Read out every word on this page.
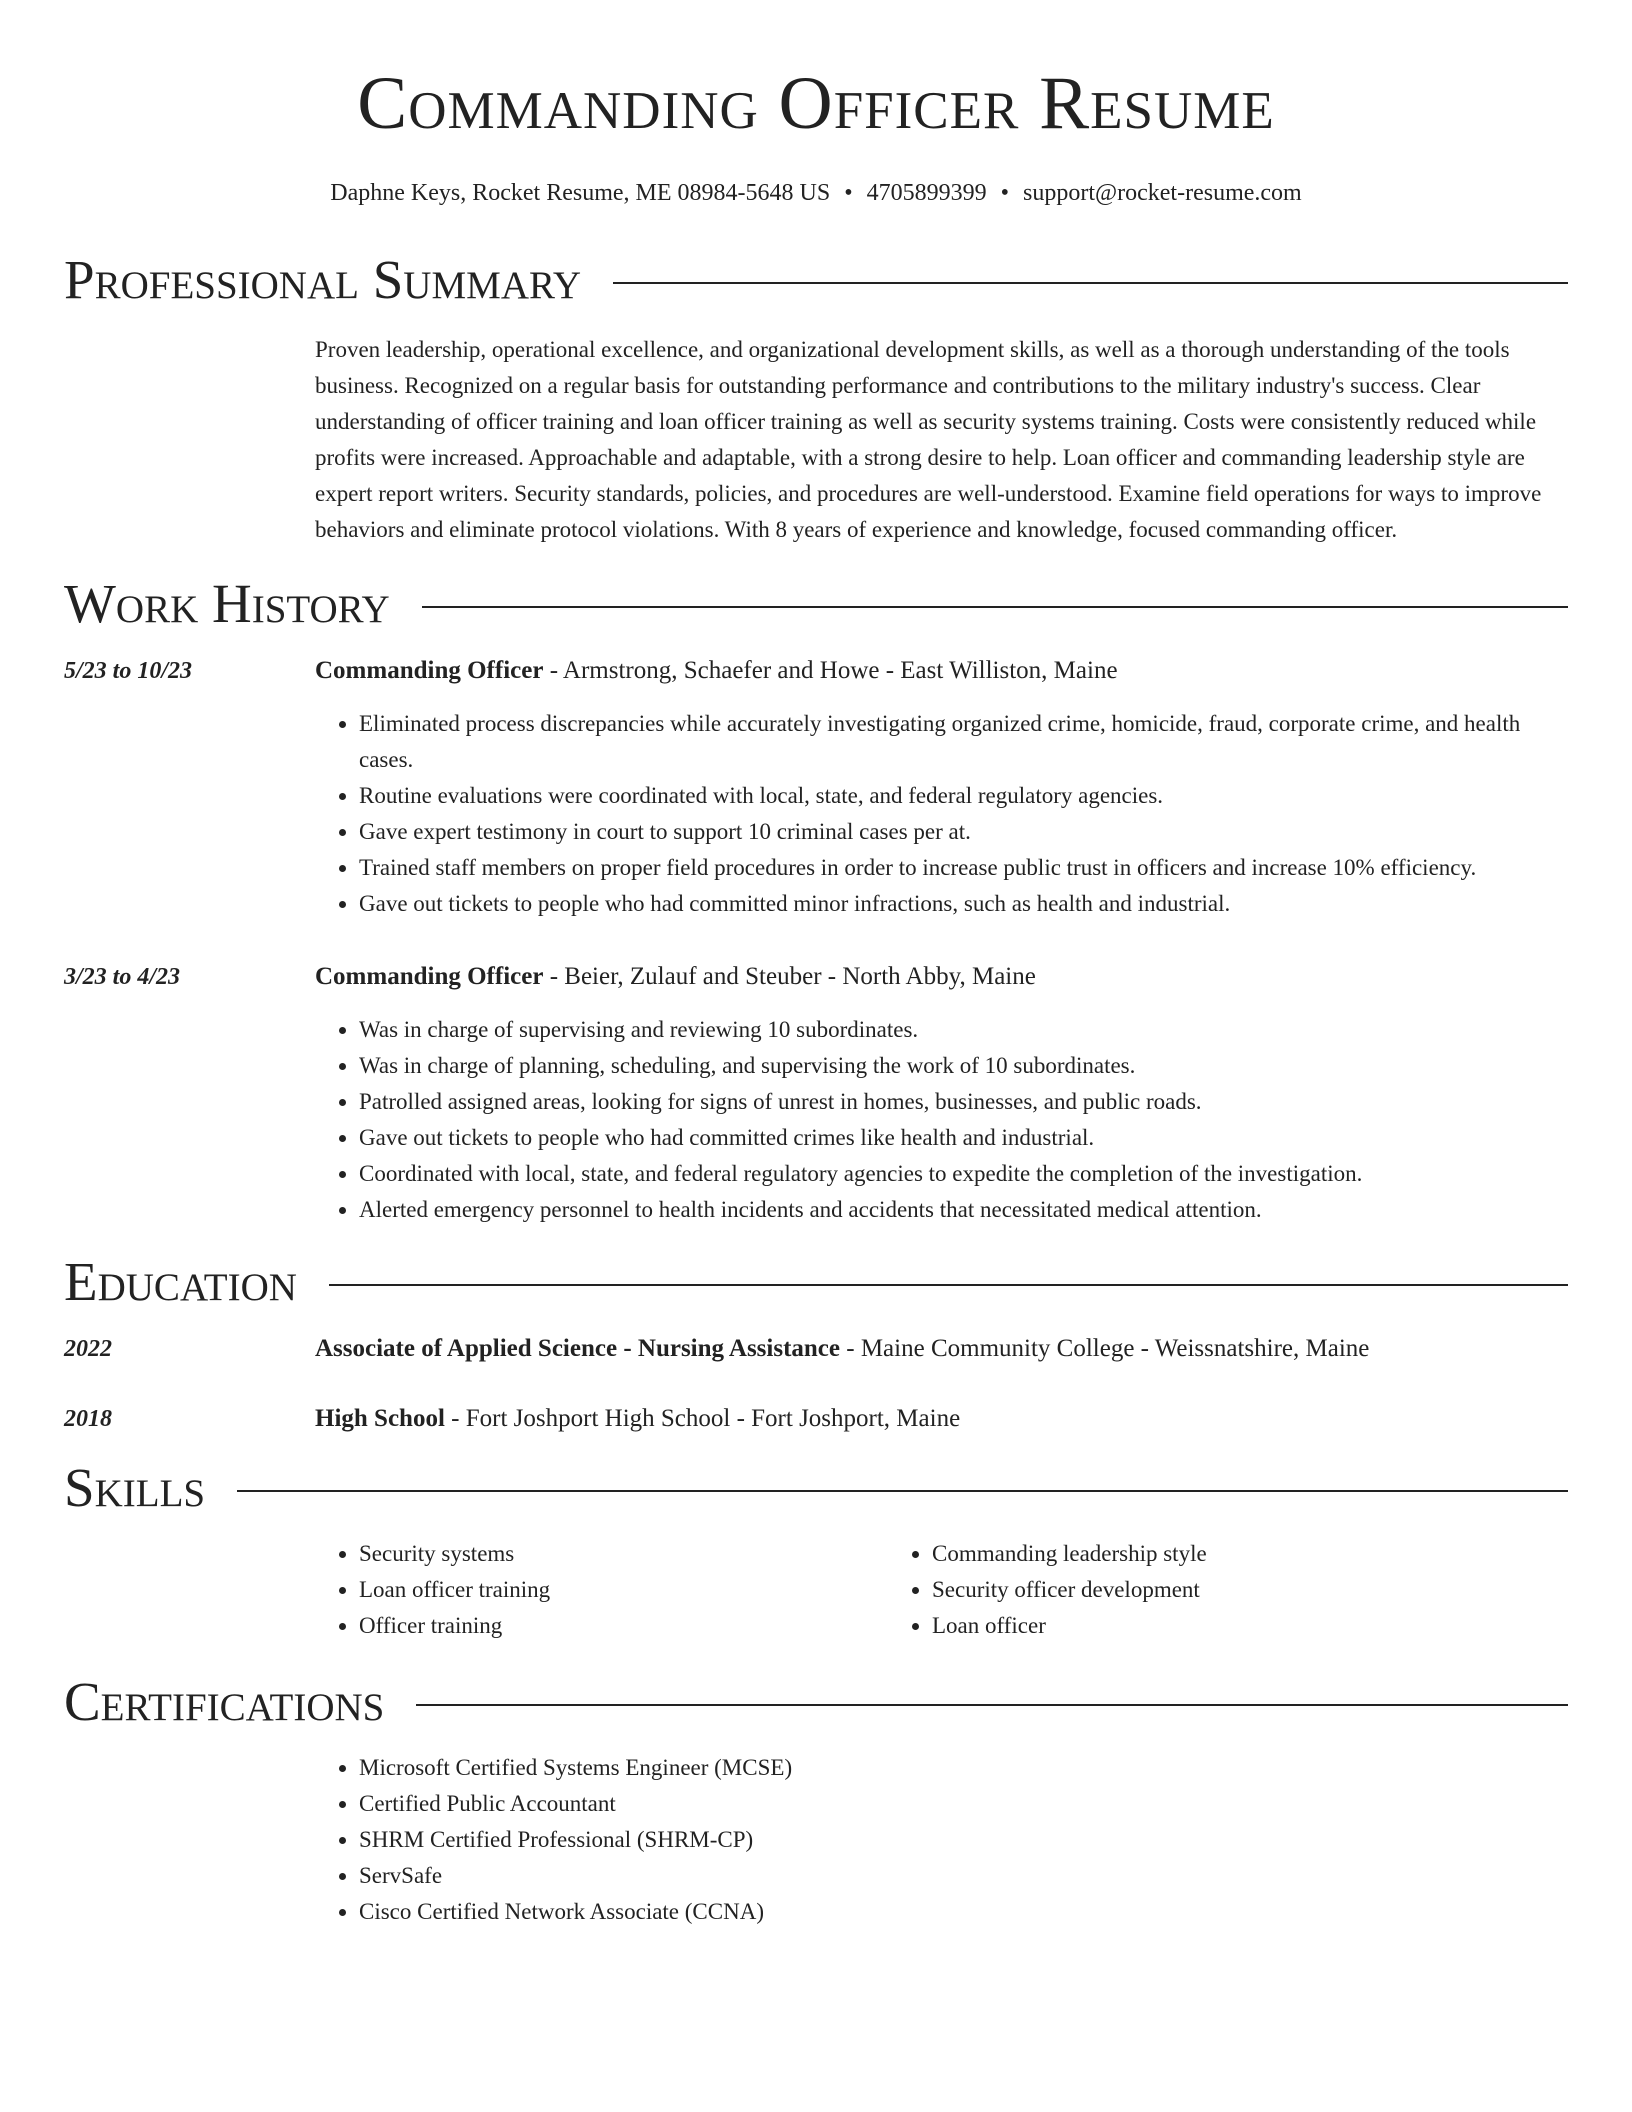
Commanding Officer Resume
Daphne Keys, Rocket Resume, ME 08984-5648 US • 4705899399 • support@rocket-resume.com
Professional Summary
Proven leadership, operational excellence, and organizational development skills, as well as a thorough understanding of the tools business. Recognized on a regular basis for outstanding performance and contributions to the military industry's success. Clear understanding of officer training and loan officer training as well as security systems training. Costs were consistently reduced while profits were increased. Approachable and adaptable, with a strong desire to help. Loan officer and commanding leadership style are expert report writers. Security standards, policies, and procedures are well-understood. Examine field operations for ways to improve behaviors and eliminate protocol violations. With 8 years of experience and knowledge, focused commanding officer.
Work History
5/23 to 10/23	Commanding Officer - Armstrong, Schaefer and Howe - East Williston, Maine
• Eliminated process discrepancies while accurately investigating organized crime, homicide, fraud, corporate crime, and health cases.
• Routine evaluations were coordinated with local, state, and federal regulatory agencies.
• Gave expert testimony in court to support 10 criminal cases per at.
• Trained staff members on proper field procedures in order to increase public trust in officers and increase 10% efficiency.
• Gave out tickets to people who had committed minor infractions, such as health and industrial.
3/23 to 4/23	Commanding Officer - Beier, Zulauf and Steuber - North Abby, Maine
• Was in charge of supervising and reviewing 10 subordinates.
• Was in charge of planning, scheduling, and supervising the work of 10 subordinates.
• Patrolled assigned areas, looking for signs of unrest in homes, businesses, and public roads.
• Gave out tickets to people who had committed crimes like health and industrial.
• Coordinated with local, state, and federal regulatory agencies to expedite the completion of the investigation.
• Alerted emergency personnel to health incidents and accidents that necessitated medical attention.
Education
2022	Associate of Applied Science - Nursing Assistance - Maine Community College - Weissnatshire, Maine
2018	High School - Fort Joshport High School - Fort Joshport, Maine
Skills
• Security systems
• Loan officer training
• Officer training
• Commanding leadership style
• Security officer development
• Loan officer
Certifications
• Microsoft Certified Systems Engineer (MCSE)
• Certified Public Accountant
• SHRM Certified Professional (SHRM-CP)
• ServSafe
• Cisco Certified Network Associate (CCNA)
